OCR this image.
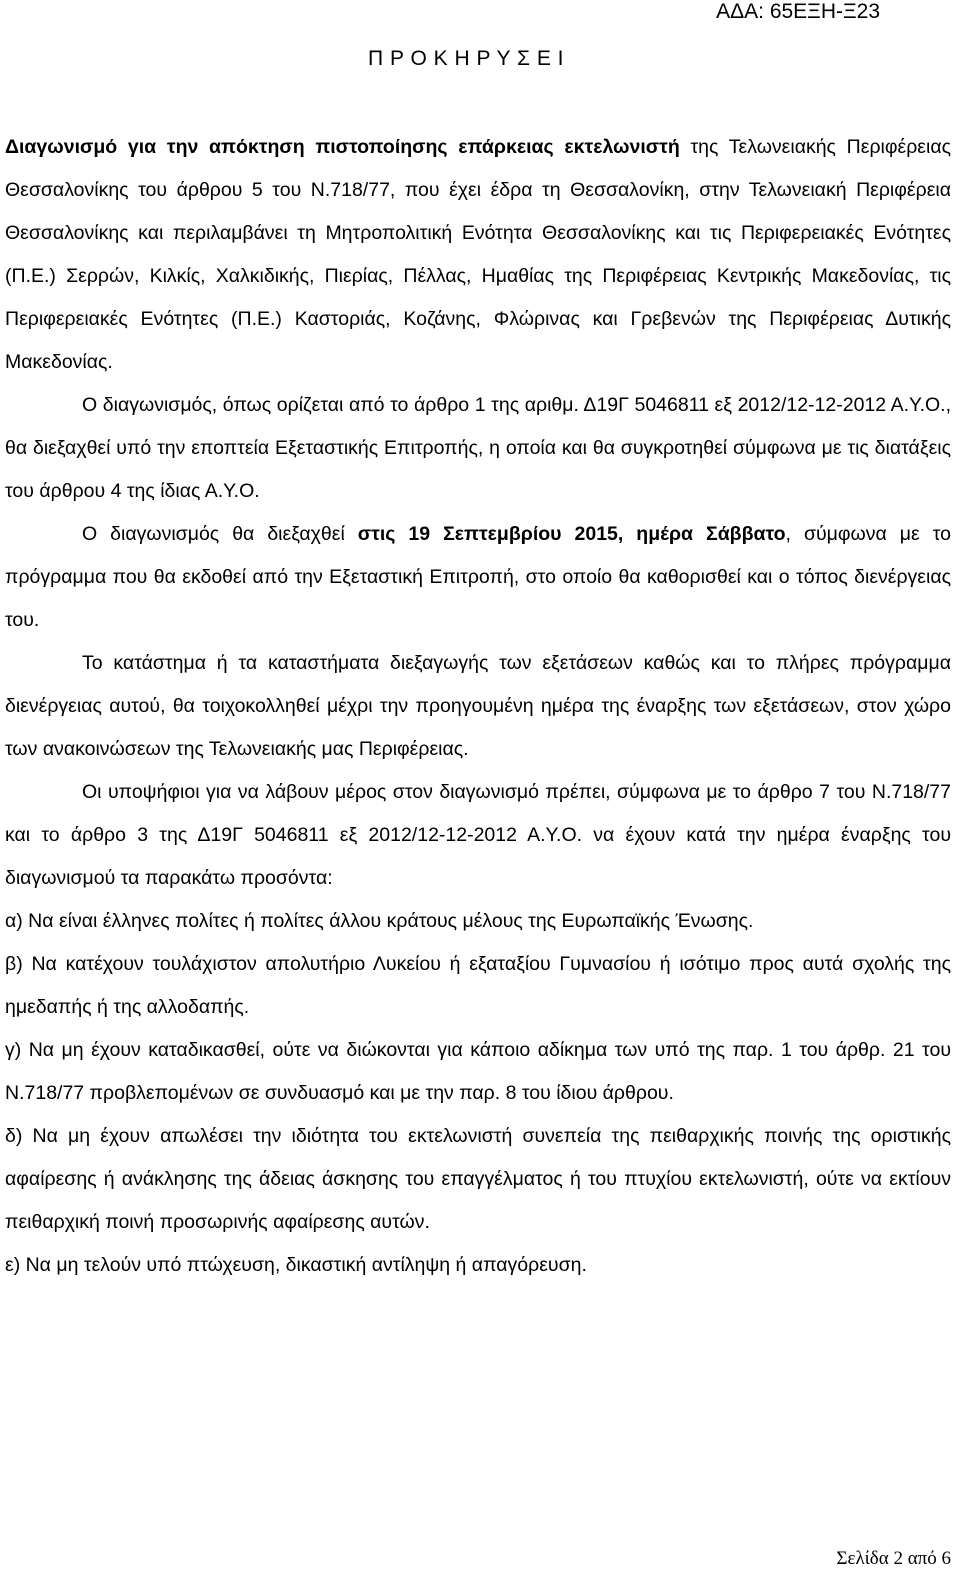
ΑΔΑ: 65ΕΞΗ-Ξ23
Π Ρ Ο Κ Η Ρ Υ Σ Ε Ι

Διαγωνισμό για την απόκτηση πιστοποίησης επάρκειας εκτελωνιστή της Τελωνειακής Περιφέρειας Θεσσαλονίκης του άρθρου 5 του Ν.718/77, που έχει έδρα τη Θεσσαλονίκη, στην Τελωνειακή Περιφέρεια Θεσσαλονίκης και περιλαμβάνει τη Μητροπολιτική Ενότητα Θεσσαλονίκης και τις Περιφερειακές Ενότητες (Π.Ε.) Σερρών, Κιλκίς, Χαλκιδικής, Πιερίας, Πέλλας, Ημαθίας της Περιφέρειας Κεντρικής Μακεδονίας, τις Περιφερειακές Ενότητες (Π.Ε.) Καστοριάς, Κοζάνης, Φλώρινας και Γρεβενών της Περιφέρειας Δυτικής Μακεδονίας.

Ο διαγωνισμός, όπως ορίζεται από το άρθρο 1 της αριθμ. Δ19Γ 5046811 εξ 2012/12-12-2012 Α.Υ.Ο., θα διεξαχθεί υπό την εποπτεία Εξεταστικής Επιτροπής, η οποία και θα συγκροτηθεί σύμφωνα με τις διατάξεις του άρθρου 4 της ίδιας Α.Υ.Ο.

Ο διαγωνισμός θα διεξαχθεί στις 19 Σεπτεμβρίου 2015, ημέρα Σάββατο, σύμφωνα με το πρόγραμμα που θα εκδοθεί από την Εξεταστική Επιτροπή, στο οποίο θα καθορισθεί και ο τόπος διενέργειας του.

Το κατάστημα ή τα καταστήματα διεξαγωγής των εξετάσεων καθώς και το πλήρες πρόγραμμα διενέργειας αυτού, θα τοιχοκολληθεί μέχρι την προηγουμένη ημέρα της έναρξης των εξετάσεων, στον χώρο των ανακοινώσεων της Τελωνειακής μας Περιφέρειας.

Οι υποψήφιοι για να λάβουν μέρος στον διαγωνισμό πρέπει, σύμφωνα με το άρθρο 7 του Ν.718/77 και το άρθρο 3 της Δ19Γ 5046811 εξ 2012/12-12-2012 Α.Υ.Ο. να έχουν κατά την ημέρα έναρξης του διαγωνισμού τα παρακάτω προσόντα:

α) Να είναι έλληνες πολίτες ή πολίτες άλλου κράτους μέλους της Ευρωπαϊκής Ένωσης.

β) Να κατέχουν τουλάχιστον απολυτήριο Λυκείου ή εξαταξίου Γυμνασίου ή ισότιμο προς αυτά σχολής της ημεδαπής ή της αλλοδαπής.

γ) Να μη έχουν καταδικασθεί, ούτε να διώκονται για κάποιο αδίκημα των υπό της παρ. 1 του άρθρ. 21 του Ν.718/77 προβλεπομένων σε συνδυασμό και με την παρ. 8 του ίδιου άρθρου.

δ) Να μη έχουν απωλέσει την ιδιότητα του εκτελωνιστή συνεπεία της πειθαρχικής ποινής της οριστικής αφαίρεσης ή ανάκλησης της άδειας άσκησης του επαγγέλματος ή του πτυχίου εκτελωνιστή, ούτε να εκτίουν πειθαρχική ποινή προσωρινής αφαίρεσης αυτών.

ε) Να μη τελούν υπό πτώχευση, δικαστική αντίληψη ή απαγόρευση.

Σελίδα 2 από 6
